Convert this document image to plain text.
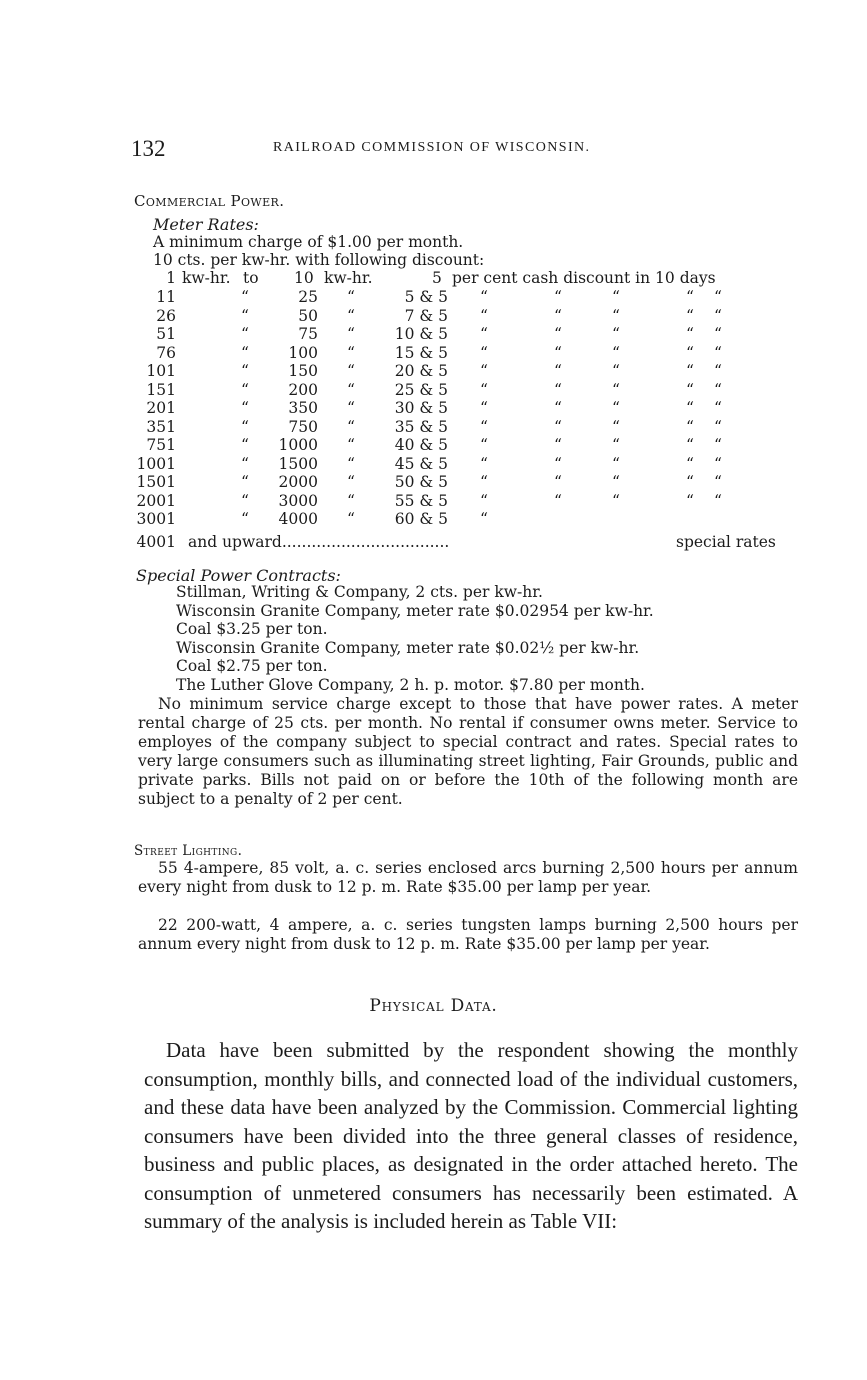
132	RAILROAD COMMISSION OF WISCONSIN.
Commercial Power.
Meter Rates:
A minimum charge of $1.00 per month.
10 cts. per kw-hr. with following discount:
1 kw-hr. to 10 kw-hr.	5 per cent cash discount in 10 days
11	“	25 “	5 & 5 “	“	“	“ “
26	“	50 “	7 & 5 “	“	“	“ “
51	“	75 “	10 & 5 “	“	“	“ “
76	“	100 “	15 & 5 “	“	“	“ “
101	“	150 “	20 & 5 “	“	“	“ “
151	“	200 “	25 & 5 “	“	“	“ “
201	“	350 “	30 & 5 “	“	“	“ “
351	“	750 “	35 & 5 “	“	“	“ “
751	“ 1000 “	40 & 5 “	“	“	“ “
1001	“ 1500 “	45 & 5 “	“	“	“ “
1501	“ 2000 “	50 & 5 “	“	“	“ “
2001	“ 3000 “	55 & 5 “	“	“	“ “
3001	“ 4000 “	60 & 5 “
4001 and upward..................................	special rates
Special Power Contracts:
Stillman, Writing & Company, 2 cts. per kw-hr.
Wisconsin Granite Company, meter rate $0.02954 per kw-hr.
Coal $3.25 per ton.
Wisconsin Granite Company, meter rate $0.02½ per kw-hr.
Coal $2.75 per ton.
The Luther Glove Company, 2 h. p. motor. $7.80 per month.
No minimum service charge except to those that have power rates. A meter rental charge of 25 cts. per month. No rental if consumer owns meter. Service to employes of the company subject to special contract and rates. Special rates to very large consumers such as illuminating street lighting, Fair Grounds, public and private parks. Bills not paid on or before the 10th of the following month are subject to a penalty of 2 per cent.
Street Lighting.
55 4-ampere, 85 volt, a. c. series enclosed arcs burning 2,500 hours per annum every night from dusk to 12 p. m. Rate $35.00 per lamp per year.
22 200-watt, 4 ampere, a. c. series tungsten lamps burning 2,500 hours per annum every night from dusk to 12 p. m. Rate $35.00 per lamp per year.
Physical Data.

Data have been submitted by the respondent showing the monthly consumption, monthly bills, and connected load of the individual customers, and these data have been analyzed by the Commission. Commercial lighting consumers have been divided into the three general classes of residence, business and public places, as designated in the order attached hereto. The consumption of unmetered consumers has necessarily been estimated. A summary of the analysis is included herein as Table VII:
